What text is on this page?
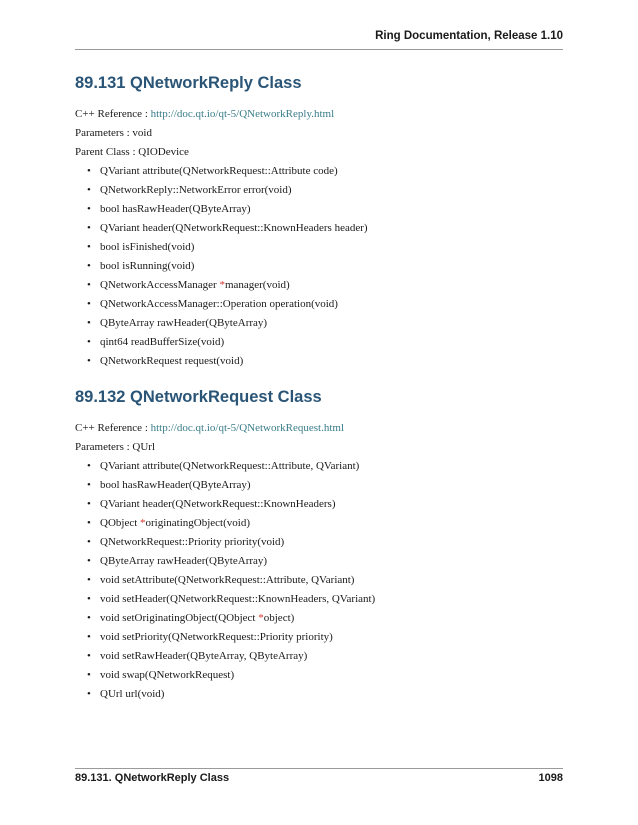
Ring Documentation, Release 1.10
89.131 QNetworkReply Class

C++ Reference : http://doc.qt.io/qt-5/QNetworkReply.html

Parameters : void

Parent Class : QIODevice

• QVariant attribute(QNetworkRequest::Attribute code)
• QNetworkReply::NetworkError error(void)
• bool hasRawHeader(QByteArray)
• QVariant header(QNetworkRequest::KnownHeaders header)
• bool isFinished(void)
• bool isRunning(void)
• QNetworkAccessManager *manager(void)
• QNetworkAccessManager::Operation operation(void)
• QByteArray rawHeader(QByteArray)
• qint64 readBufferSize(void)
• QNetworkRequest request(void)
89.132 QNetworkRequest Class

C++ Reference : http://doc.qt.io/qt-5/QNetworkRequest.html

Parameters : QUrl

• QVariant attribute(QNetworkRequest::Attribute, QVariant)
• bool hasRawHeader(QByteArray)
• QVariant header(QNetworkRequest::KnownHeaders)
• QObject *originatingObject(void)
• QNetworkRequest::Priority priority(void)
• QByteArray rawHeader(QByteArray)
• void setAttribute(QNetworkRequest::Attribute, QVariant)
• void setHeader(QNetworkRequest::KnownHeaders, QVariant)
• void setOriginatingObject(QObject *object)
• void setPriority(QNetworkRequest::Priority priority)
• void setRawHeader(QByteArray, QByteArray)
• void swap(QNetworkRequest)
• QUrl url(void)
89.131. QNetworkReply Class	1098
